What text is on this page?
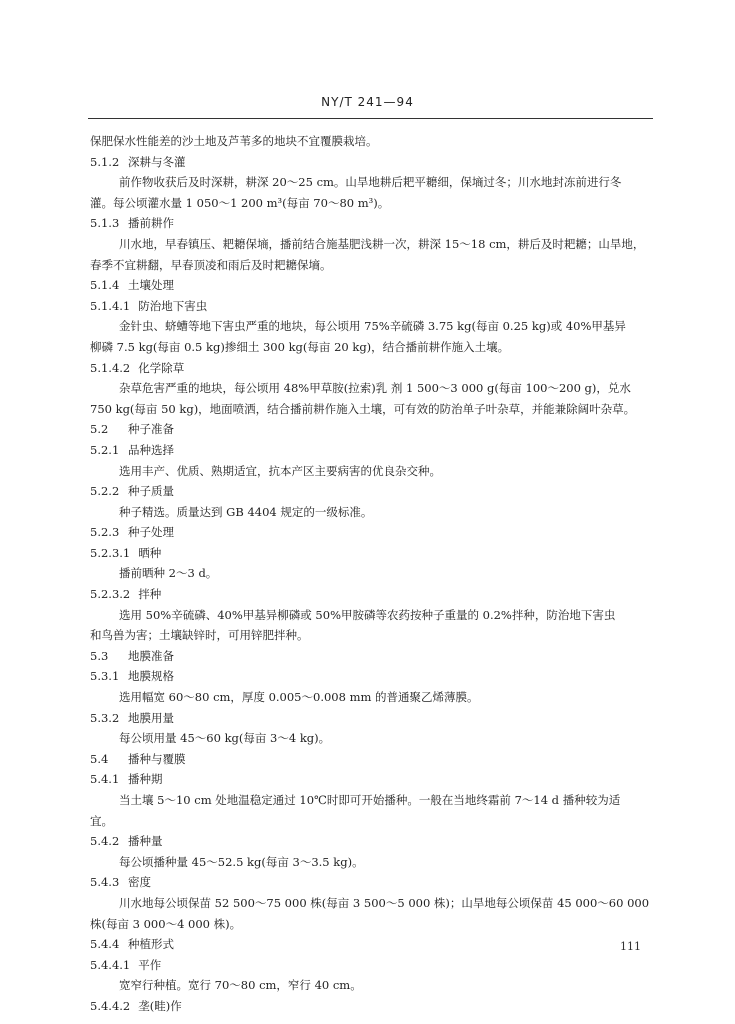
NY/T 241—94
保肥保水性能差的沙土地及芦苇多的地块不宜覆膜栽培。
5.1.2 深耕与冬灌
前作物收获后及时深耕，耕深 20～25 cm。山旱地耕后耙平耱细，保墒过冬；川水地封冻前进行冬
灌。每公顷灌水量 1 050～1 200 m³(每亩 70～80 m³)。
5.1.3 播前耕作
川水地，早春镇压、耙耱保墒，播前结合施基肥浅耕一次，耕深 15～18 cm，耕后及时耙耱；山旱地，
春季不宜耕翻，早春顶凌和雨后及时耙耱保墒。
5.1.4 土壤处理
5.1.4.1 防治地下害虫
金针虫、蛴螬等地下害虫严重的地块，每公顷用 75%辛硫磷 3.75 kg(每亩 0.25 kg)或 40%甲基异
柳磷 7.5 kg(每亩 0.5 kg)掺细土 300 kg(每亩 20 kg)，结合播前耕作施入土壤。
5.1.4.2 化学除草
杂草危害严重的地块，每公顷用 48%甲草胺(拉索)乳 剂 1 500～3 000 g(每亩 100～200 g)，兑水
750 kg(每亩 50 kg)，地面喷洒，结合播前耕作施入土壤，可有效的防治单子叶杂草，并能兼除阔叶杂草。
5.2 种子准备
5.2.1 品种选择
选用丰产、优质、熟期适宜，抗本产区主要病害的优良杂交种。
5.2.2 种子质量
种子精选。质量达到 GB 4404 规定的一级标准。
5.2.3 种子处理
5.2.3.1 晒种
播前晒种 2～3 d。
5.2.3.2 拌种
选用 50%辛硫磷、40%甲基异柳磷或 50%甲胺磷等农药按种子重量的 0.2%拌种，防治地下害虫
和鸟兽为害；土壤缺锌时，可用锌肥拌种。
5.3 地膜准备
5.3.1 地膜规格
选用幅宽 60～80 cm，厚度 0.005～0.008 mm 的普通聚乙烯薄膜。
5.3.2 地膜用量
每公顷用量 45～60 kg(每亩 3～4 kg)。
5.4 播种与覆膜
5.4.1 播种期
当土壤 5～10 cm 处地温稳定通过 10℃时即可开始播种。一般在当地终霜前 7～14 d 播种较为适
宜。
5.4.2 播种量
每公顷播种量 45～52.5 kg(每亩 3～3.5 kg)。
5.4.3 密度
川水地每公顷保苗 52 500～75 000 株(每亩 3 500～5 000 株)；山旱地每公顷保苗 45 000～60 000
株(每亩 3 000～4 000 株)。
5.4.4 种植形式
5.4.4.1 平作
宽窄行种植。宽行 70～80 cm，窄行 40 cm。
5.4.4.2 垄(畦)作
111
